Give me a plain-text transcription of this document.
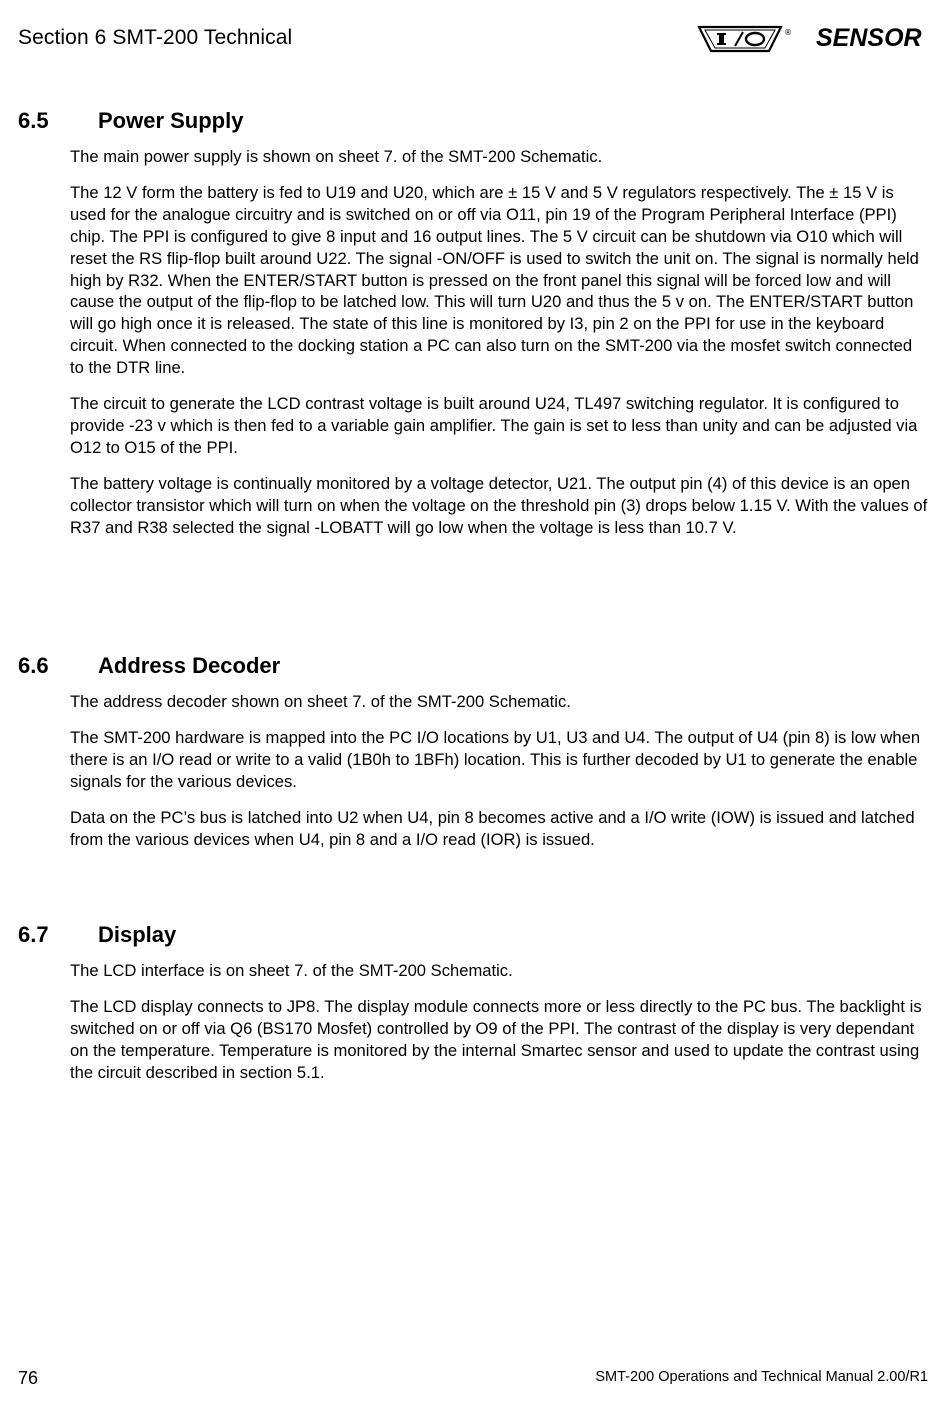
Section 6 SMT-200 Technical	® SENSOR
6.5 Power Supply

The main power supply is shown on sheet 7. of the SMT-200 Schematic.

The 12 V form the battery is fed to U19 and U20, which are ± 15 V and 5 V regulators respectively. The ± 15 V is used for the analogue circuitry and is switched on or off via O11, pin 19 of the Program Peripheral Interface (PPI) chip. The PPI is configured to give 8 input and 16 output lines. The 5 V circuit can be shutdown via O10 which will reset the RS flip-flop built around U22. The signal -ON/OFF is used to switch the unit on. The signal is normally held high by R32. When the ENTER/START button is pressed on the front panel this signal will be forced low and will cause the output of the flip-flop to be latched low. This will turn U20 and thus the 5 v on. The ENTER/START button will go high once it is released. The state of this line is monitored by I3, pin 2 on the PPI for use in the keyboard circuit. When connected to the docking station a PC can also turn on the SMT-200 via the mosfet switch connected to the DTR line.

The circuit to generate the LCD contrast voltage is built around U24, TL497 switching regulator. It is configured to provide -23 v which is then fed to a variable gain amplifier. The gain is set to less than unity and can be adjusted via O12 to O15 of the PPI.

The battery voltage is continually monitored by a voltage detector, U21. The output pin (4) of this device is an open collector transistor which will turn on when the voltage on the threshold pin (3) drops below 1.15 V. With the values of R37 and R38 selected the signal -LOBATT will go low when the voltage is less than 10.7 V.

6.6 Address Decoder

The address decoder shown on sheet 7. of the SMT-200 Schematic.

The SMT-200 hardware is mapped into the PC I/O locations by U1, U3 and U4. The output of U4 (pin 8) is low when there is an I/O read or write to a valid (1B0h to 1BFh) location. This is further decoded by U1 to generate the enable signals for the various devices.

Data on the PC’s bus is latched into U2 when U4, pin 8 becomes active and a I/O write (IOW) is issued and latched from the various devices when U4, pin 8 and a I/O read (IOR) is issued.

6.7 Display

The LCD interface is on sheet 7. of the SMT-200 Schematic.

The LCD display connects to JP8. The display module connects more or less directly to the PC bus. The backlight is switched on or off via Q6 (BS170 Mosfet) controlled by O9 of the PPI. The contrast of the display is very dependant on the temperature. Temperature is monitored by the internal Smartec sensor and used to update the contrast using the circuit described in section 5.1.

76	SMT-200 Operations and Technical Manual 2.00/R1
